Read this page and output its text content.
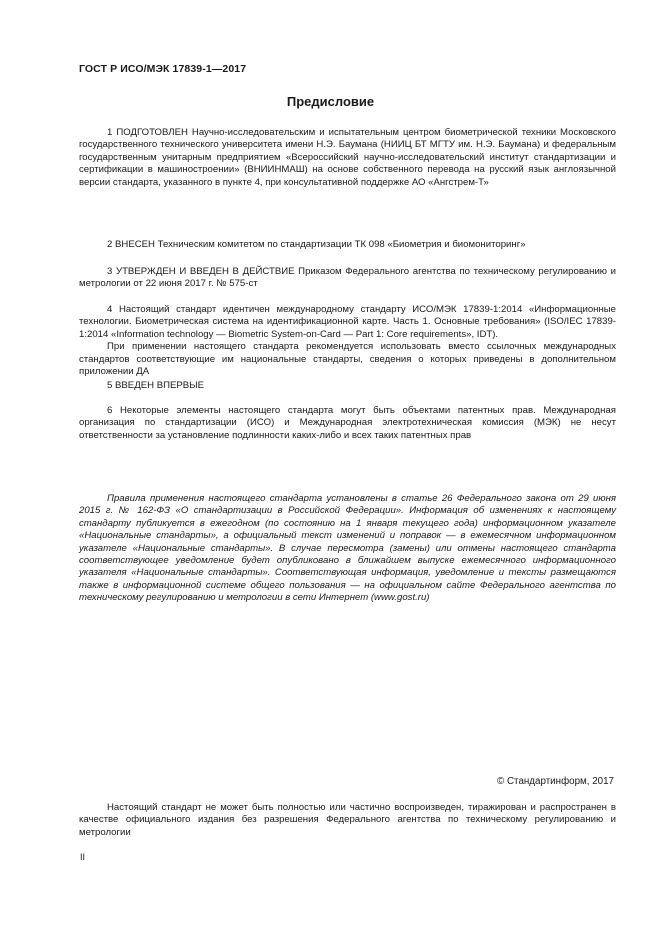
ГОСТ Р ИСО/МЭК 17839-1—2017
Предисловие

1 ПОДГОТОВЛЕН Научно-исследовательским и испытательным центром биометрической техники Московского государственного технического университета имени Н.Э. Баумана (НИИЦ БТ МГТУ им. Н.Э. Баумана) и федеральным государственным унитарным предприятием «Всероссийский научно-исследовательский институт стандартизации и сертификации в машиностроении» (ВНИИНМАШ) на основе собственного перевода на русский язык англоязычной версии стандарта, указанного в пункте 4, при консультативной поддержке АО «Ангстрем-Т»

2 ВНЕСЕН Техническим комитетом по стандартизации ТК 098 «Биометрия и биомониторинг»

3 УТВЕРЖДЕН И ВВЕДЕН В ДЕЙСТВИЕ Приказом Федерального агентства по техническому регулированию и метрологии от 22 июня 2017 г. № 575-ст

4 Настоящий стандарт идентичен международному стандарту ИСО/МЭК 17839-1:2014 «Информационные технологии. Биометрическая система на идентификационной карте. Часть 1. Основные требования» (ISO/IEC 17839-1:2014 «Information technology — Biometric System-on-Card — Part 1: Core requirements», IDT).

При применении настоящего стандарта рекомендуется использовать вместо ссылочных международных стандартов соответствующие им национальные стандарты, сведения о которых приведены в дополнительном приложении ДА

5 ВВЕДЕН ВПЕРВЫЕ

6 Некоторые элементы настоящего стандарта могут быть объектами патентных прав. Международная организация по стандартизации (ИСО) и Международная электротехническая комиссия (МЭК) не несут ответственности за установление подлинности каких-либо и всех таких патентных прав

Правила применения настоящего стандарта установлены в статье 26 Федерального закона от 29 июня 2015 г. № 162-ФЗ «О стандартизации в Российской Федерации». Информация об изменениях к настоящему стандарту публикуется в ежегодном (по состоянию на 1 января текущего года) информационном указателе «Национальные стандарты», а официальный текст изменений и поправок — в ежемесячном информационном указателе «Национальные стандарты». В случае пересмотра (замены) или отмены настоящего стандарта соответствующее уведомление будет опубликовано в ближайшем выпуске ежемесячного информационного указателя «Национальные стандарты». Соответствующая информация, уведомление и тексты размещаются также в информационной системе общего пользования — на официальном сайте Федерального агентства по техническому регулированию и метрологии в сети Интернет (www.gost.ru)

© Стандартинформ, 2017

Настоящий стандарт не может быть полностью или частично воспроизведен, тиражирован и распространен в качестве официального издания без разрешения Федерального агентства по техническому регулированию и метрологии

II
